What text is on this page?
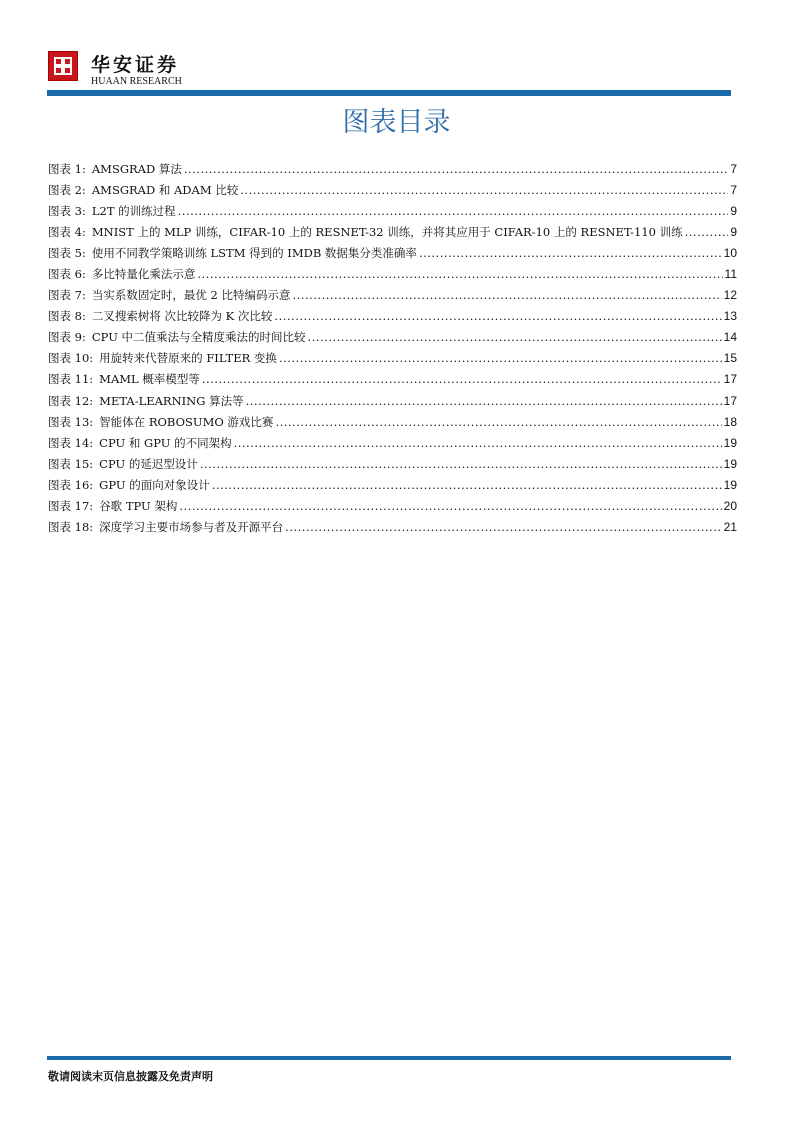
华安证券
HUAAN RESEARCH
图表目录
图表 1: AMSGRAD 算法 .....	7
图表 2: AMSGRAD 和 ADAM 比较 .....	7
图表 3: L2T 的训练过程 .....	9
图表 4: MNIST 上的 MLP 训练，CIFAR-10 上的 RESNET-32 训练，并将其应用于 CIFAR-10 上的 RESNET-110 训练 .....	9
图表 5: 使用不同教学策略训练 LSTM 得到的 IMDB 数据集分类准确率 .....	10
图表 6: 多比特量化乘法示意 .....	11
图表 7: 当实系数固定时，最优 2 比特编码示意 .....	12
图表 8: 二叉搜索树将 次比较降为 K 次比较 .....	13
图表 9: CPU 中二值乘法与全精度乘法的时间比较 .....	14
图表 10: 用旋转来代替原来的 FILTER 变换 .....	15
图表 11: MAML 概率模型等 .....	17
图表 12: META-LEARNING 算法等 .....	17
图表 13: 智能体在 ROBOSUMO 游戏比赛 .....	18
图表 14: CPU 和 GPU 的不同架构 .....	19
图表 15: CPU 的延迟型设计 .....	19
图表 16: GPU 的面向对象设计 .....	19
图表 17: 谷歌 TPU 架构 .....	20
图表 18: 深度学习主要市场参与者及开源平台 .....	21
敬请阅读末页信息披露及免责声明
